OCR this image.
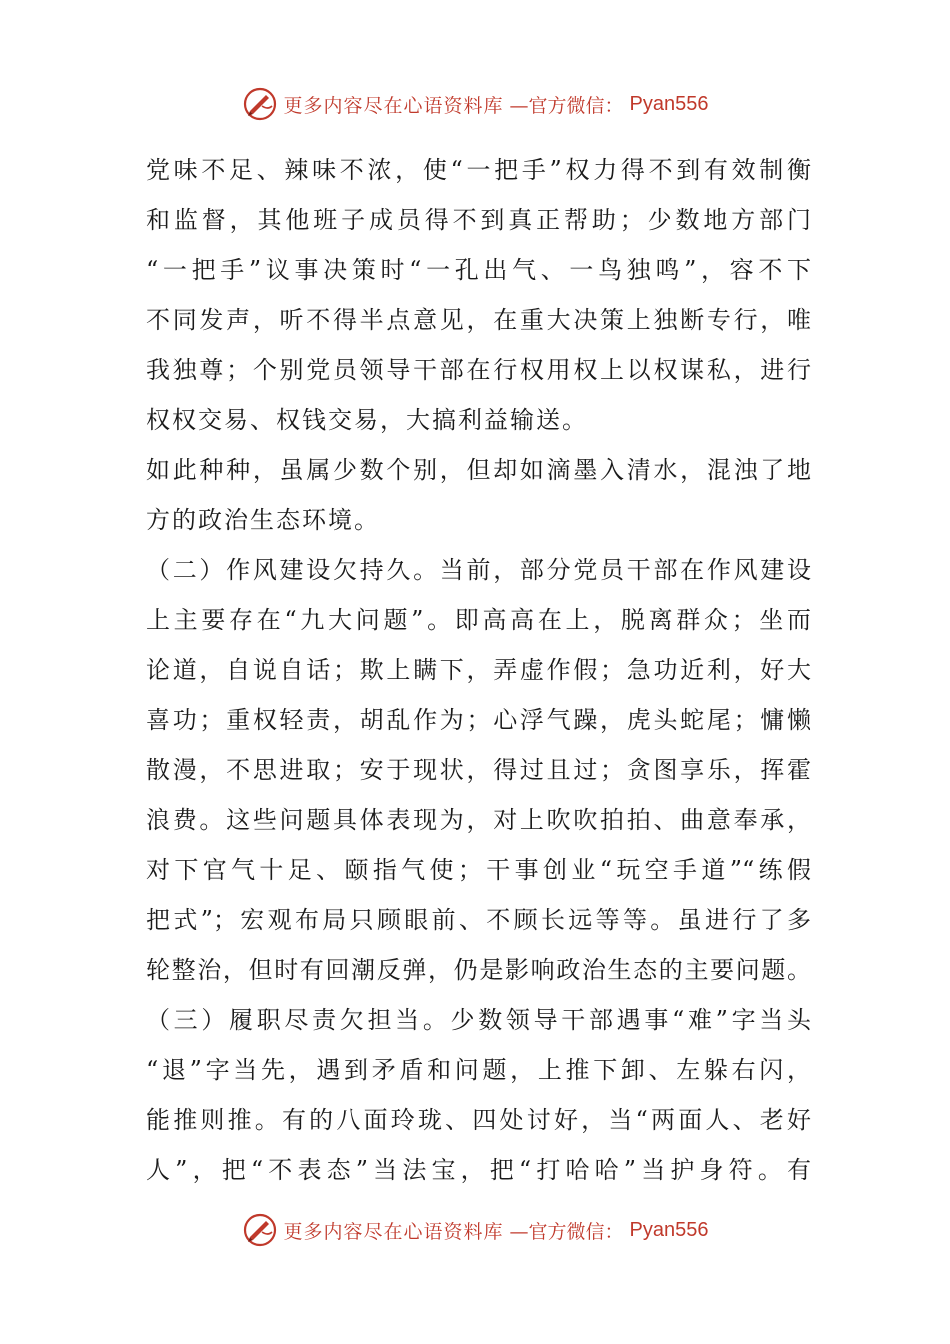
更多内容尽在心语资料库 —官方微信： Pyan556
党味不足、辣味不浓，使“一把手”权力得不到有效制衡
和监督，其他班子成员得不到真正帮助；少数地方部门
“一把手”议事决策时“一孔出气、一鸟独鸣”，容不下
不同发声，听不得半点意见，在重大决策上独断专行，唯
我独尊；个别党员领导干部在行权用权上以权谋私，进行
权权交易、权钱交易，大搞利益输送。
如此种种，虽属少数个别，但却如滴墨入清水，混浊了地
方的政治生态环境。
（二）作风建设欠持久。当前，部分党员干部在作风建设
上主要存在“九大问题”。即高高在上，脱离群众；坐而
论道，自说自话；欺上瞒下，弄虚作假；急功近利，好大
喜功；重权轻责，胡乱作为；心浮气躁，虎头蛇尾；慵懒
散漫，不思进取；安于现状，得过且过；贪图享乐，挥霍
浪费。这些问题具体表现为，对上吹吹拍拍、曲意奉承，
对下官气十足、颐指气使；干事创业“玩空手道”“练假
把式”；宏观布局只顾眼前、不顾长远等等。虽进行了多
轮整治，但时有回潮反弹，仍是影响政治生态的主要问题。
（三）履职尽责欠担当。少数领导干部遇事“难”字当头
“退”字当先，遇到矛盾和问题，上推下卸、左躲右闪，
能推则推。有的八面玲珑、四处讨好，当“两面人、老好
人”，把“不表态”当法宝，把“打哈哈”当护身符。有
更多内容尽在心语资料库 —官方微信： Pyan556
